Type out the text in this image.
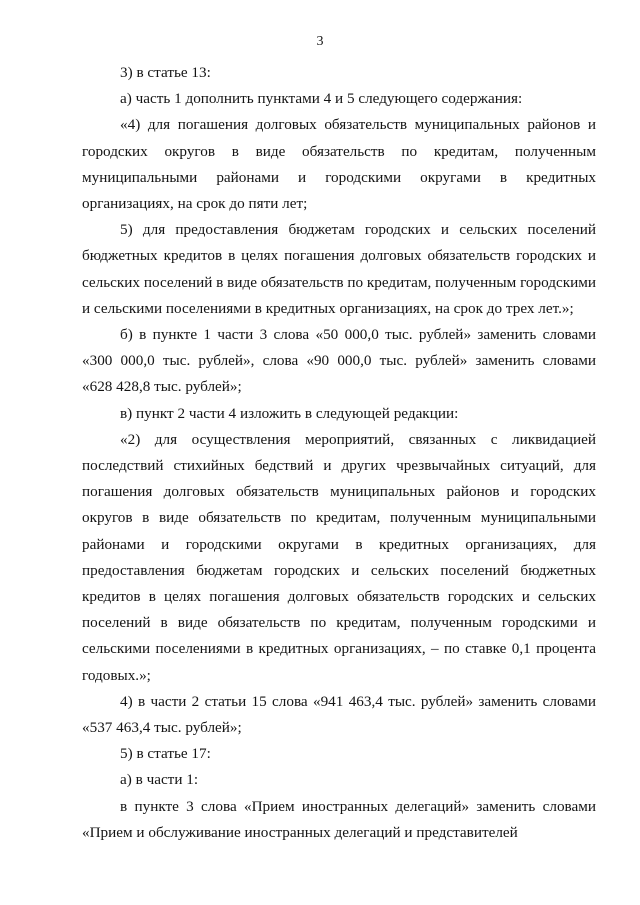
3
3) в статье 13:
а) часть 1 дополнить пунктами 4 и 5 следующего содержания:
«4) для погашения долговых обязательств муниципальных районов и
городских округов в виде обязательств по кредитам, полученным
муниципальными районами и городскими округами в кредитных
организациях, на срок до пяти лет;
5) для предоставления бюджетам городских и сельских поселений
бюджетных кредитов в целях погашения долговых обязательств городских и
сельских поселений в виде обязательств по кредитам, полученным городскими
и сельскими поселениями в кредитных организациях, на срок до трех лет.»;
б) в пункте 1 части 3 слова «50 000,0 тыс. рублей» заменить словами
«300 000,0 тыс. рублей», слова «90 000,0 тыс. рублей» заменить словами
«628 428,8 тыс. рублей»;
в) пункт 2 части 4 изложить в следующей редакции:
«2) для осуществления мероприятий, связанных с ликвидацией
последствий стихийных бедствий и других чрезвычайных ситуаций, для
погашения долговых обязательств муниципальных районов и городских
округов в виде обязательств по кредитам, полученным муниципальными
районами и городскими округами в кредитных организациях, для
предоставления бюджетам городских и сельских поселений бюджетных
кредитов в целях погашения долговых обязательств городских и сельских
поселений в виде обязательств по кредитам, полученным городскими и
сельскими поселениями в кредитных организациях, – по ставке 0,1 процента
годовых.»;
4) в части 2 статьи 15 слова «941 463,4 тыс. рублей» заменить словами
«537 463,4 тыс. рублей»;
5) в статье 17:
а) в части 1:
в пункте 3 слова «Прием иностранных делегаций» заменить словами
«Прием и обслуживание иностранных делегаций и представителей
